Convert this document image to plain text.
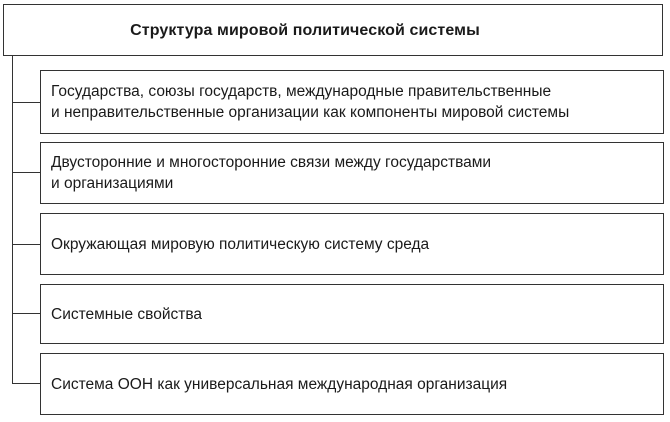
Структура мировой политической системы
Государства, союзы государств, международные правительственные
и неправительственные организации как компоненты мировой системы
Двусторонние и многосторонние связи между государствами
и организациями
Окружающая мировую политическую систему среда
Системные свойства
Система ООН как универсальная международная организация
